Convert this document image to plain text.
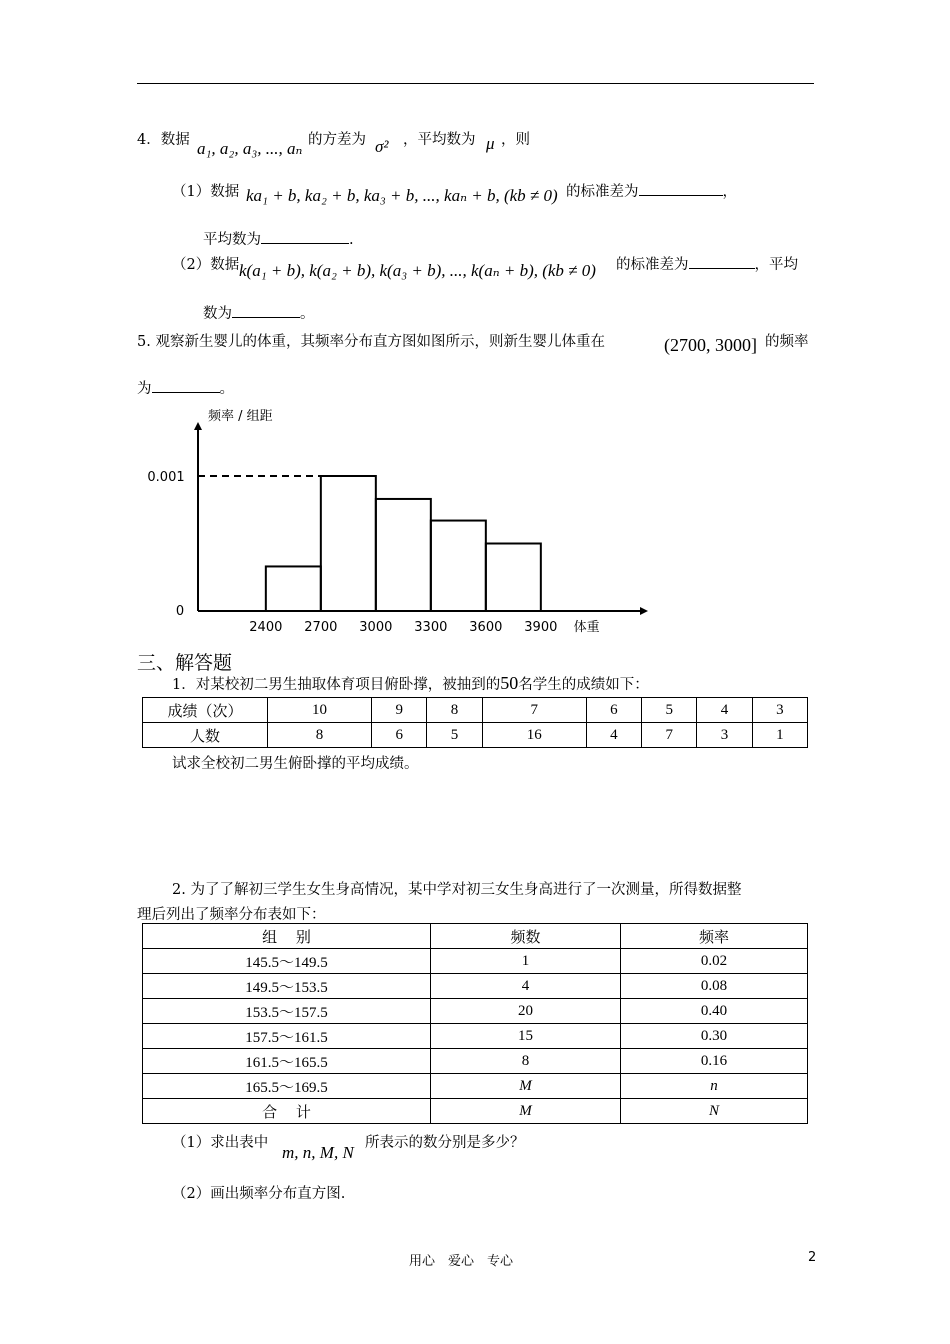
4．数据 a₁, a₂, a₃, ..., aₙ 的方差为 σ² ，平均数为 μ ，则
（1）数据 ka₁ + b, ka₂ + b, ka₃ + b, ..., kaₙ + b, (kb ≠ 0) 的标准差为	，
平均数为	.
（2）数据 k(a₁ + b), k(a₂ + b), k(a₃ + b), ..., k(aₙ + b), (kb ≠ 0) 的标准差为	，平均
数为	。
5. 观察新生婴儿的体重，其频率分布直方图如图所示，则新生婴儿体重在	(2700, 3000] 的频率
为	。
0
0.001
2400 2700 3000 3300 3600 3900
频率 / 组距
体重
三、解答题
1．对某校初二男生抽取体育项目俯卧撑，被抽到的50名学生的成绩如下：
成绩（次）	10	9	8	7	6	5	4	3
人数	8	6	5	16	4	7	3	1
试求全校初二男生俯卧撑的平均成绩。
2. 为了了解初三学生女生身高情况，某中学对初三女生身高进行了一次测量，所得数据整
理后列出了频率分布表如下：
组　 别	频数	频率
145.5～149.5	1	0.02
149.5～153.5	4	0.08
153.5～157.5	20	0.40
157.5～161.5	15	0.30
161.5～165.5	8	0.16
165.5～169.5	M	n
合　 计	M	N
（1）求出表中 m, n, M, N 所表示的数分别是多少？
（2）画出频率分布直方图.
用心　爱心　专心	2
